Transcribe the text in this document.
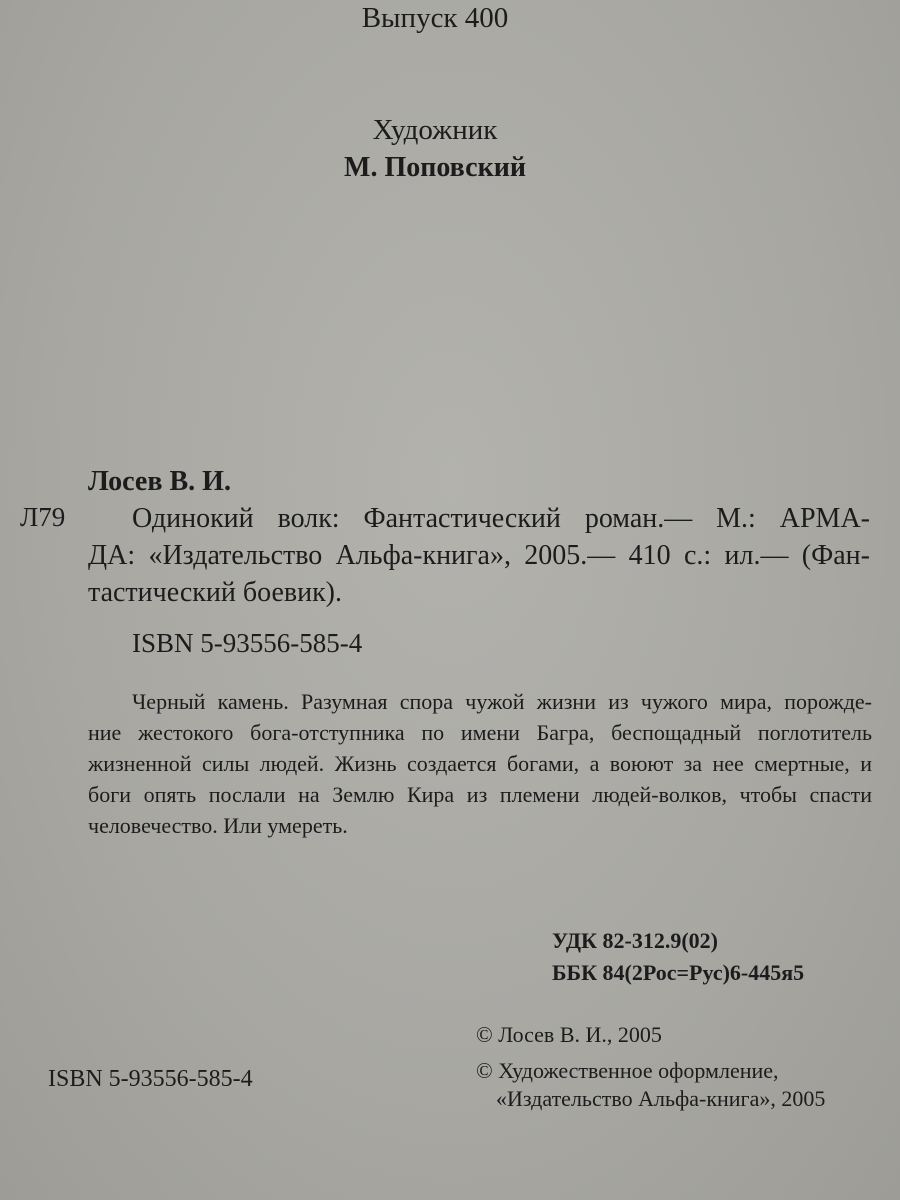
Выпуск 400
Художник
М. Поповский
Лосев В. И.
Л79	Одинокий волк: Фантастический роман.— М.: АРМА-
ДА: «Издательство Альфа-книга», 2005.— 410 с.: ил.— (Фан-
тастический боевик).
ISBN 5-93556-585-4
Черный камень. Разумная спора чужой жизни из чужого мира, порожде-
ние жестокого бога-отступника по имени Багра, беспощадный поглотитель
жизненной силы людей. Жизнь создается богами, а воюют за нее смертные, и
боги опять послали на Землю Кира из племени людей-волков, чтобы спасти
человечество. Или умереть.
УДК 82-312.9(02)
ББК 84(2Рос=Рус)6-445я5
© Лосев В. И., 2005
© Художественное оформление,
«Издательство Альфа-книга», 2005
ISBN 5-93556-585-4
